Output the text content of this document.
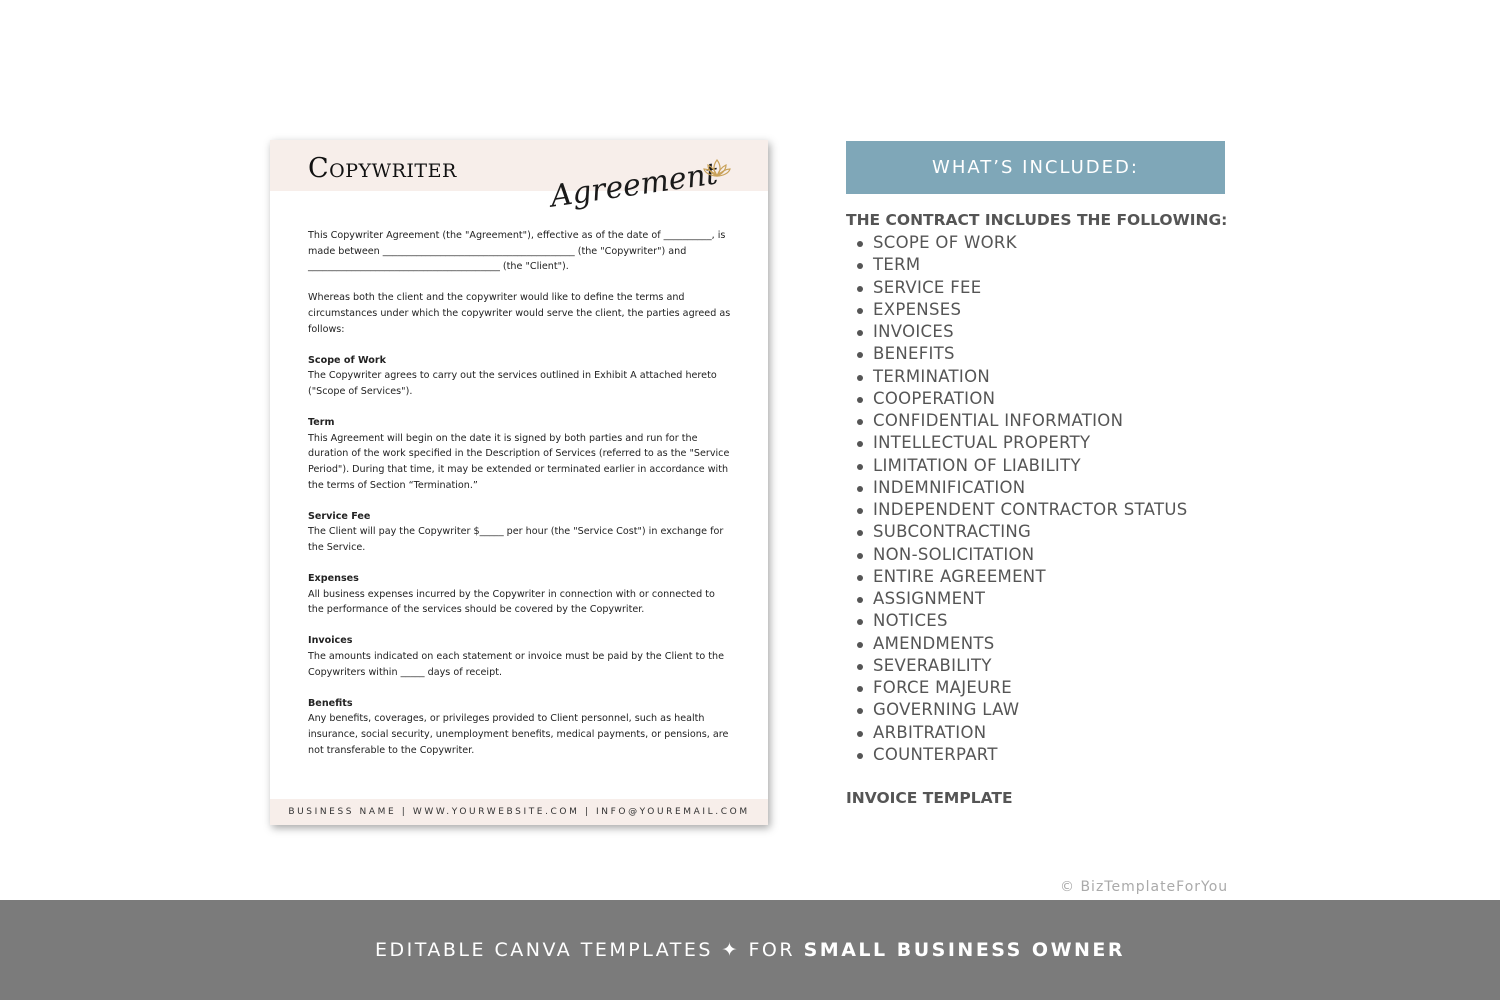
Copywriter	Agreement

This Copywriter Agreement (the "Agreement"), effective as of the date of __________, is made between ________________________________________ (the "Copywriter") and ________________________________________ (the "Client").

Whereas both the client and the copywriter would like to define the terms and circumstances under which the copywriter would serve the client, the parties agreed as follows:

Scope of Work
The Copywriter agrees to carry out the services outlined in Exhibit A attached hereto ("Scope of Services").

Term
This Agreement will begin on the date it is signed by both parties and run for the duration of the work specified in the Description of Services (referred to as the "Service Period"). During that time, it may be extended or terminated earlier in accordance with the terms of Section “Termination.”

Service Fee
The Client will pay the Copywriter $_____ per hour (the "Service Cost") in exchange for the Service.

Expenses
All business expenses incurred by the Copywriter in connection with or connected to the performance of the services should be covered by the Copywriter.

Invoices
The amounts indicated on each statement or invoice must be paid by the Client to the Copywriters within _____ days of receipt.

Benefits
Any benefits, coverages, or privileges provided to Client personnel, such as health insurance, social security, unemployment benefits, medical payments, or pensions, are not transferable to the Copywriter.

BUSINESS NAME | WWW.YOURWEBSITE.COM | INFO@YOUREMAIL.COM
WHAT’S INCLUDED:
THE CONTRACT INCLUDES THE FOLLOWING:
SCOPE OF WORK
TERM
SERVICE FEE
EXPENSES
INVOICES
BENEFITS
TERMINATION
COOPERATION
CONFIDENTIAL INFORMATION
INTELLECTUAL PROPERTY
LIMITATION OF LIABILITY
INDEMNIFICATION
INDEPENDENT CONTRACTOR STATUS
SUBCONTRACTING
NON-SOLICITATION
ENTIRE AGREEMENT
ASSIGNMENT
NOTICES
AMENDMENTS
SEVERABILITY
FORCE MAJEURE
GOVERNING LAW
ARBITRATION
COUNTERPART
INVOICE TEMPLATE
© BizTemplateForYou
EDITABLE CANVA TEMPLATES ✦ FOR SMALL BUSINESS OWNER
